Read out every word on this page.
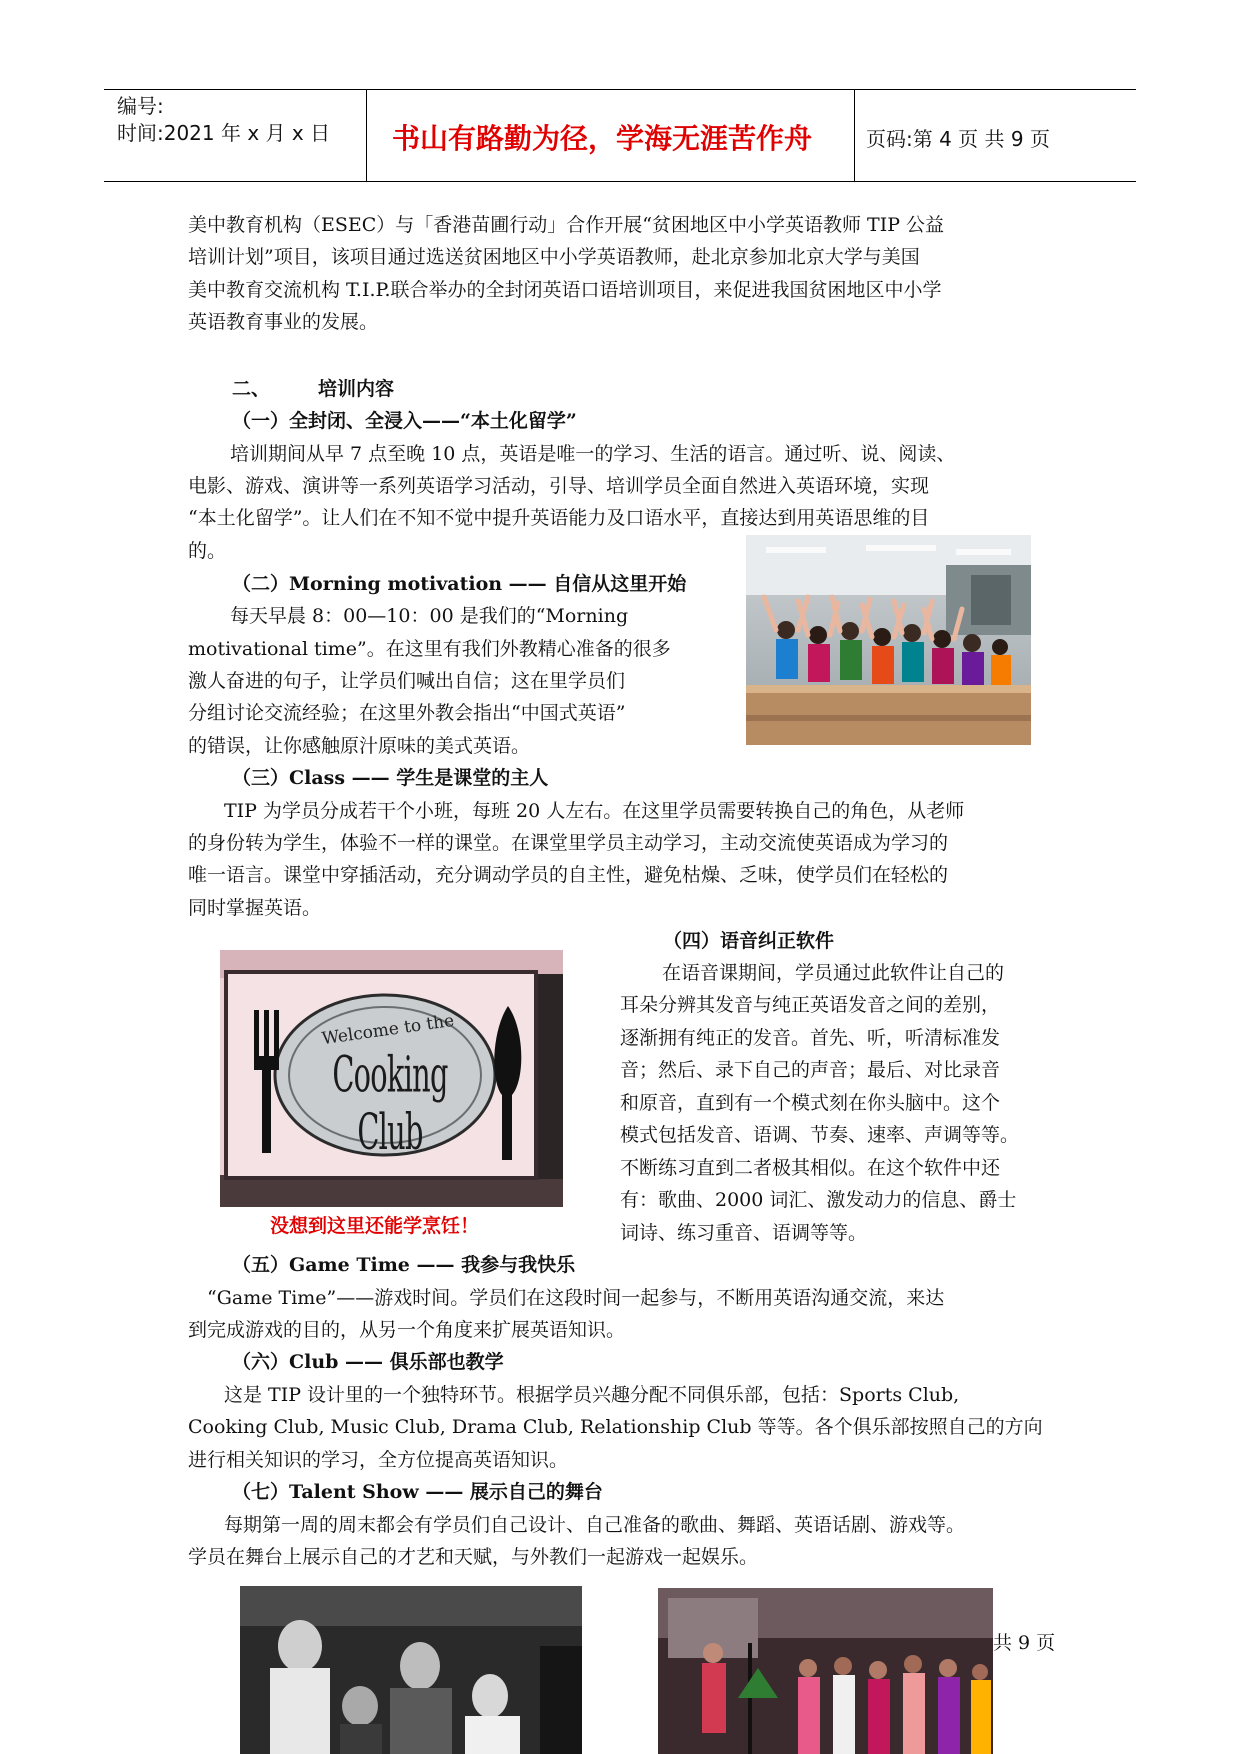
编号:
时间:2021 年 x 月 x 日 书山有路勤为径，学海无涯苦作舟	页码:第 4 页 共 9 页
美中教育机构（ESEC）与「香港苗圃行动」合作开展“贫困地区中小学英语教师 TIP 公益
培训计划”项目，该项目通过选送贫困地区中小学英语教师，赴北京参加北京大学与美国
美中教育交流机构 T.I.P.联合举办的全封闭英语口语培训项目，来促进我国贫困地区中小学
英语教育事业的发展。
二、	培训内容
（一）全封闭、全浸入——“本土化留学”
培训期间从早 7 点至晚 10 点，英语是唯一的学习、生活的语言。通过听、说、阅读、
电影、游戏、演讲等一系列英语学习活动，引导、培训学员全面自然进入英语环境，实现
“本土化留学”。让人们在不知不觉中提升英语能力及口语水平，直接达到用英语思维的目
的。
（二）Morning motivation —— 自信从这里开始
每天早晨 8：00—10：00 是我们的“Morning
motivational time”。在这里有我们外教精心准备的很多
激人奋进的句子，让学员们喊出自信；这在里学员们
分组讨论交流经验；在这里外教会指出“中国式英语”
的错误，让你感触原汁原味的美式英语。
（三）Class —— 学生是课堂的主人
TIP 为学员分成若干个小班，每班 20 人左右。在这里学员需要转换自己的角色，从老师
的身份转为学生，体验不一样的课堂。在课堂里学员主动学习，主动交流使英语成为学习的
唯一语言。课堂中穿插活动，充分调动学员的自主性，避免枯燥、乏味，使学员们在轻松的
同时掌握英语。
Welcome to the
Cooking Club
没想到这里还能学烹饪！
（四）语音纠正软件
在语音课期间，学员通过此软件让自己的
耳朵分辨其发音与纯正英语发音之间的差别，
逐渐拥有纯正的发音。首先、听，听清标准发
音；然后、录下自己的声音；最后、对比录音
和原音，直到有一个模式刻在你头脑中。这个
模式包括发音、语调、节奏、速率、声调等等。
不断练习直到二者极其相似。在这个软件中还
有：歌曲、2000 词汇、激发动力的信息、爵士
词诗、练习重音、语调等等。
（五）Game Time —— 我参与我快乐
“Game Time”——游戏时间。学员们在这段时间一起参与，不断用英语沟通交流，来达
到完成游戏的目的，从另一个角度来扩展英语知识。
（六）Club —— 俱乐部也教学
这是 TIP 设计里的一个独特环节。根据学员兴趣分配不同俱乐部，包括：Sports Club,
Cooking Club, Music Club, Drama Club, Relationship Club 等等。各个俱乐部按照自己的方向
进行相关知识的学习，全方位提高英语知识。
（七）Talent Show —— 展示自己的舞台
每期第一周的周末都会有学员们自己设计、自己准备的歌曲、舞蹈、英语话剧、游戏等。
学员在舞台上展示自己的才艺和天赋，与外教们一起游戏一起娱乐。
共 9 页
